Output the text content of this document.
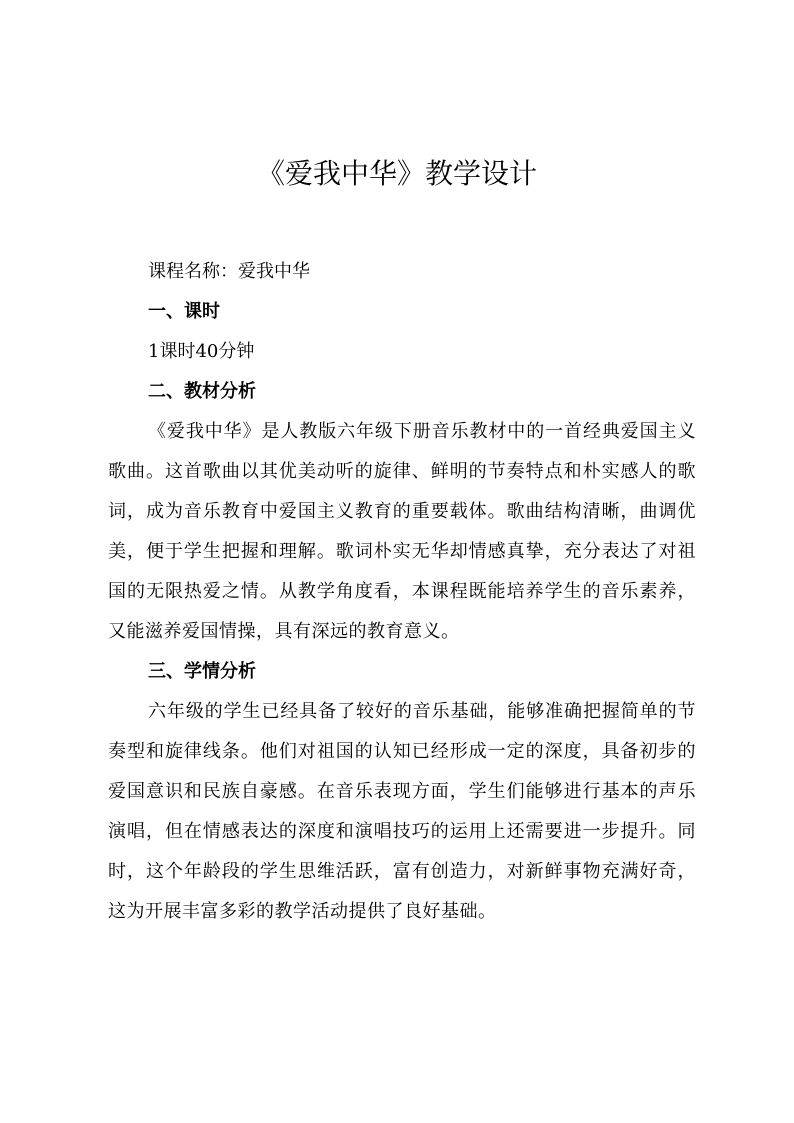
《爱我中华》教学设计

课程名称：爱我中华

一、课时

1课时40分钟

二、教材分析

《爱我中华》是人教版六年级下册音乐教材中的一首经典爱国主义歌曲。这首歌曲以其优美动听的旋律、鲜明的节奏特点和朴实感人的歌词，成为音乐教育中爱国主义教育的重要载体。歌曲结构清晰，曲调优美，便于学生把握和理解。歌词朴实无华却情感真挚，充分表达了对祖国的无限热爱之情。从教学角度看，本课程既能培养学生的音乐素养，又能滋养爱国情操，具有深远的教育意义。

三、学情分析

六年级的学生已经具备了较好的音乐基础，能够准确把握简单的节奏型和旋律线条。他们对祖国的认知已经形成一定的深度，具备初步的爱国意识和民族自豪感。在音乐表现方面，学生们能够进行基本的声乐演唱，但在情感表达的深度和演唱技巧的运用上还需要进一步提升。同时，这个年龄段的学生思维活跃，富有创造力，对新鲜事物充满好奇，这为开展丰富多彩的教学活动提供了良好基础。
